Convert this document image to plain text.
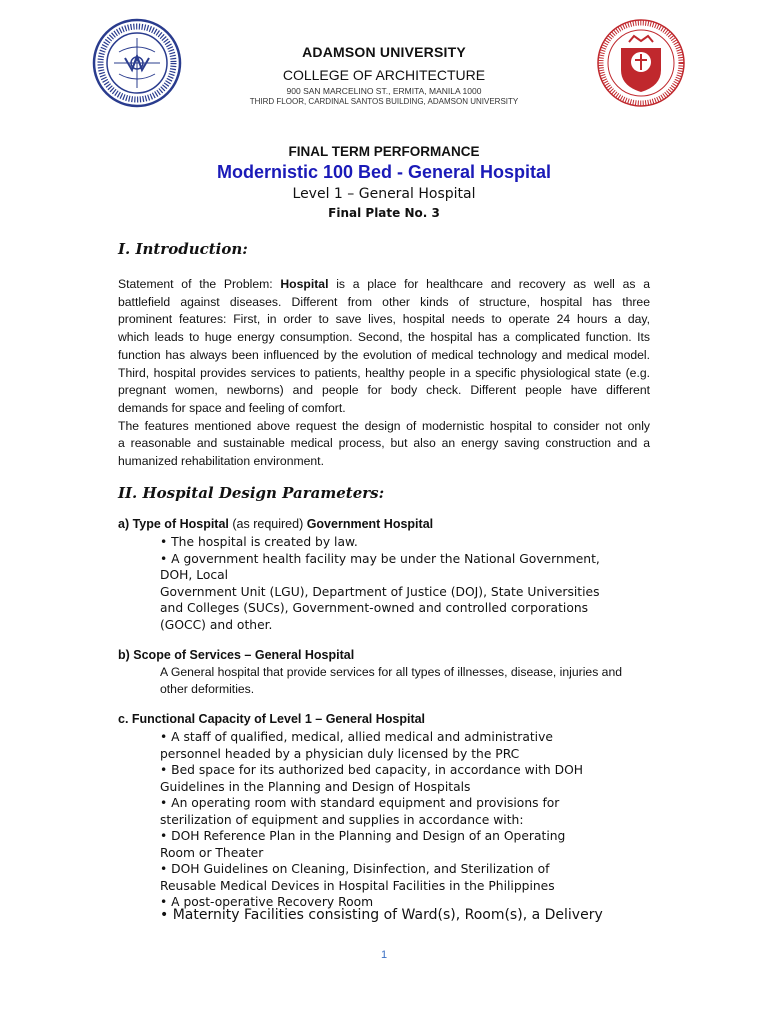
ADAMSON UNIVERSITY
COLLEGE OF ARCHITECTURE
900 SAN MARCELINO ST., ERMITA, MANILA 1000
THIRD FLOOR, CARDINAL SANTOS BUILDING, ADAMSON UNIVERSITY
FINAL TERM PERFORMANCE
Modernistic 100 Bed - General Hospital
Level 1 – General Hospital
Final Plate No. 3
I. Introduction:
Statement of the Problem: Hospital is a place for healthcare and recovery as well as a
battlefield against diseases. Different from other kinds of structure, hospital has three
prominent features: First, in order to save lives, hospital needs to operate 24 hours a day,
which leads to huge energy consumption. Second, the hospital has a complicated function. Its
function has always been influenced by the evolution of medical technology and medical model.
Third, hospital provides services to patients, healthy people in a specific physiological state (e.g.
pregnant women, newborns) and people for body check. Different people have different
demands for space and feeling of comfort.
The features mentioned above request the design of modernistic hospital to consider not only
a reasonable and sustainable medical process, but also an energy saving construction and a
humanized rehabilitation environment.
II. Hospital Design Parameters:
a) Type of Hospital (as required) Government Hospital
• The hospital is created by law.
• A government health facility may be under the National Government,
DOH, Local
Government Unit (LGU), Department of Justice (DOJ), State Universities
and Colleges (SUCs), Government-owned and controlled corporations
(GOCC) and other.
b) Scope of Services – General Hospital
A General hospital that provide services for all types of illnesses, disease, injuries and
other deformities.
c. Functional Capacity of Level 1 – General Hospital
• A staff of qualified, medical, allied medical and administrative
personnel headed by a physician duly licensed by the PRC
• Bed space for its authorized bed capacity, in accordance with DOH
Guidelines in the Planning and Design of Hospitals
• An operating room with standard equipment and provisions for
sterilization of equipment and supplies in accordance with:
• DOH Reference Plan in the Planning and Design of an Operating
Room or Theater
• DOH Guidelines on Cleaning, Disinfection, and Sterilization of
Reusable Medical Devices in Hospital Facilities in the Philippines
• A post-operative Recovery Room
• Maternity Facilities consisting of Ward(s), Room(s), a Delivery
1
